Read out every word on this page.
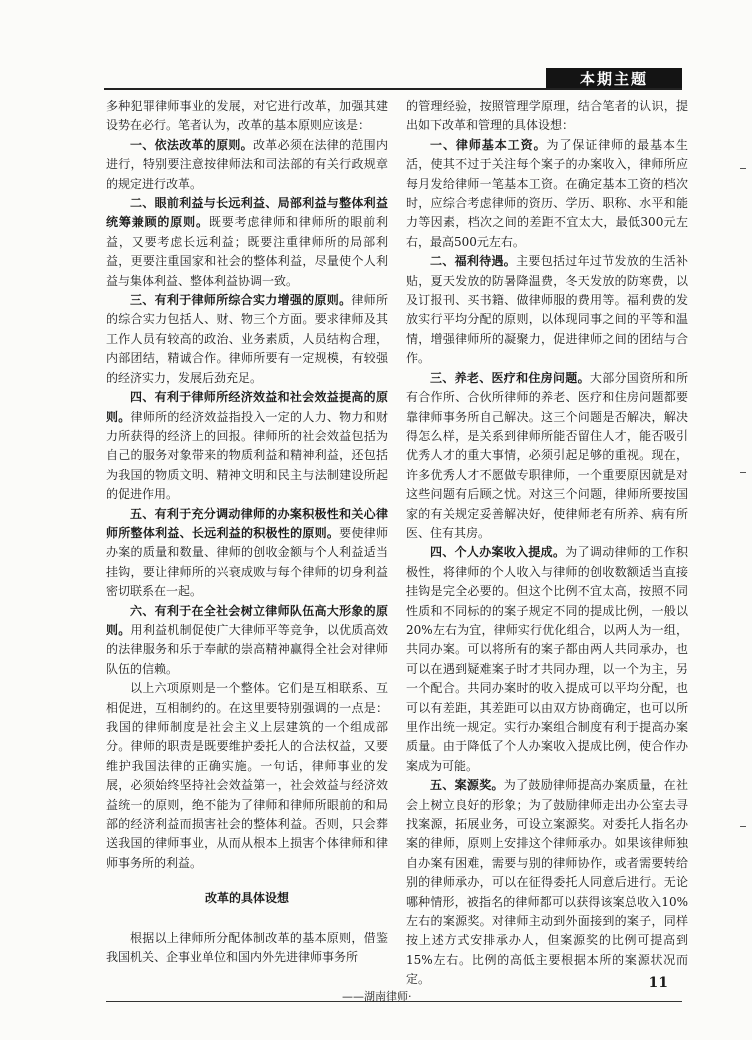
本期主题

多种犯罪律师事业的发展，对它进行改革，加强其建设势在必行。笔者认为，改革的基本原则应该是：

一、依法改革的原则。改革必须在法律的范围内进行，特别要注意按律师法和司法部的有关行政规章的规定进行改革。

二、眼前利益与长远利益、局部利益与整体利益统筹兼顾的原则。既要考虑律师和律师所的眼前利益，又要考虑长远利益；既要注重律师所的局部利益，更要注重国家和社会的整体利益，尽量使个人利益与集体利益、整体利益协调一致。

三、有利于律师所综合实力增强的原则。律师所的综合实力包括人、财、物三个方面。要求律师及其工作人员有较高的政治、业务素质，人员结构合理，内部团结，精诚合作。律师所要有一定规模，有较强的经济实力，发展后劲充足。

四、有利于律师所经济效益和社会效益提高的原则。律师所的经济效益指投入一定的人力、物力和财力所获得的经济上的回报。律师所的社会效益包括为自己的服务对象带来的物质利益和精神利益，还包括为我国的物质文明、精神文明和民主与法制建设所起的促进作用。

五、有利于充分调动律师的办案积极性和关心律师所整体利益、长远利益的积极性的原则。要使律师办案的质量和数量、律师的创收金额与个人利益适当挂钩，要让律师所的兴衰成败与每个律师的切身利益密切联系在一起。

六、有利于在全社会树立律师队伍高大形象的原则。用利益机制促使广大律师平等竞争，以优质高效的法律服务和乐于奉献的崇高精神赢得全社会对律师队伍的信赖。

以上六项原则是一个整体。它们是互相联系、互相促进，互相制约的。在这里要特别强调的一点是：我国的律师制度是社会主义上层建筑的一个组成部分。律师的职责是既要维护委托人的合法权益，又要维护我国法律的正确实施。一句话，律师事业的发展，必须始终坚持社会效益第一，社会效益与经济效益统一的原则，绝不能为了律师和律师所眼前的和局部的经济利益而损害社会的整体利益。否则，只会葬送我国的律师事业，从而从根本上损害个体律师和律师事务所的利益。

改革的具体设想

根据以上律师所分配体制改革的基本原则，借鉴我国机关、企事业单位和国内外先进律师事务所

的管理经验，按照管理学原理，结合笔者的认识，提出如下改革和管理的具体设想：

一、律师基本工资。为了保证律师的最基本生活，使其不过于关注每个案子的办案收入，律师所应每月发给律师一笔基本工资。在确定基本工资的档次时，应综合考虑律师的资历、学历、职称、水平和能力等因素，档次之间的差距不宜太大，最低300元左右，最高500元左右。

二、福利待遇。主要包括过年过节发放的生活补贴，夏天发放的防暑降温费，冬天发放的防寒费，以及订报刊、买书籍、做律师服的费用等。福利费的发放实行平均分配的原则，以体现同事之间的平等和温情，增强律师所的凝聚力，促进律师之间的团结与合作。

三、养老、医疗和住房问题。大部分国资所和所有合作所、合伙所律师的养老、医疗和住房问题都要靠律师事务所自己解决。这三个问题是否解决，解决得怎么样，是关系到律师所能否留住人才，能否吸引优秀人才的重大事情，必须引起足够的重视。现在，许多优秀人才不愿做专职律师，一个重要原因就是对这些问题有后顾之忧。对这三个问题，律师所要按国家的有关规定妥善解决好，使律师老有所养、病有所医、住有其房。

四、个人办案收入提成。为了调动律师的工作积极性，将律师的个人收入与律师的创收数额适当直接挂钩是完全必要的。但这个比例不宜太高，按照不同性质和不同标的的案子规定不同的提成比例，一般以20%左右为宜，律师实行优化组合，以两人为一组，共同办案。可以将所有的案子都由两人共同承办，也可以在遇到疑难案子时才共同办理，以一个为主，另一个配合。共同办案时的收入提成可以平均分配，也可以有差距，其差距可以由双方协商确定，也可以所里作出统一规定。实行办案组合制度有利于提高办案质量。由于降低了个人办案收入提成比例，使合作办案成为可能。

五、案源奖。为了鼓励律师提高办案质量，在社会上树立良好的形象；为了鼓励律师走出办公室去寻找案源，拓展业务，可设立案源奖。对委托人指名办案的律师，原则上安排这个律师承办。如果该律师独自办案有困难，需要与别的律师协作，或者需要转给别的律师承办，可以在征得委托人同意后进行。无论哪种情形，被指名的律师都可以获得该案总收入10%左右的案源奖。对律师主动到外面接到的案子，同样按上述方式安排承办人，但案源奖的比例可提高到15%左右。比例的高低主要根据本所的案源状况而定。

——湖南律师·
11
